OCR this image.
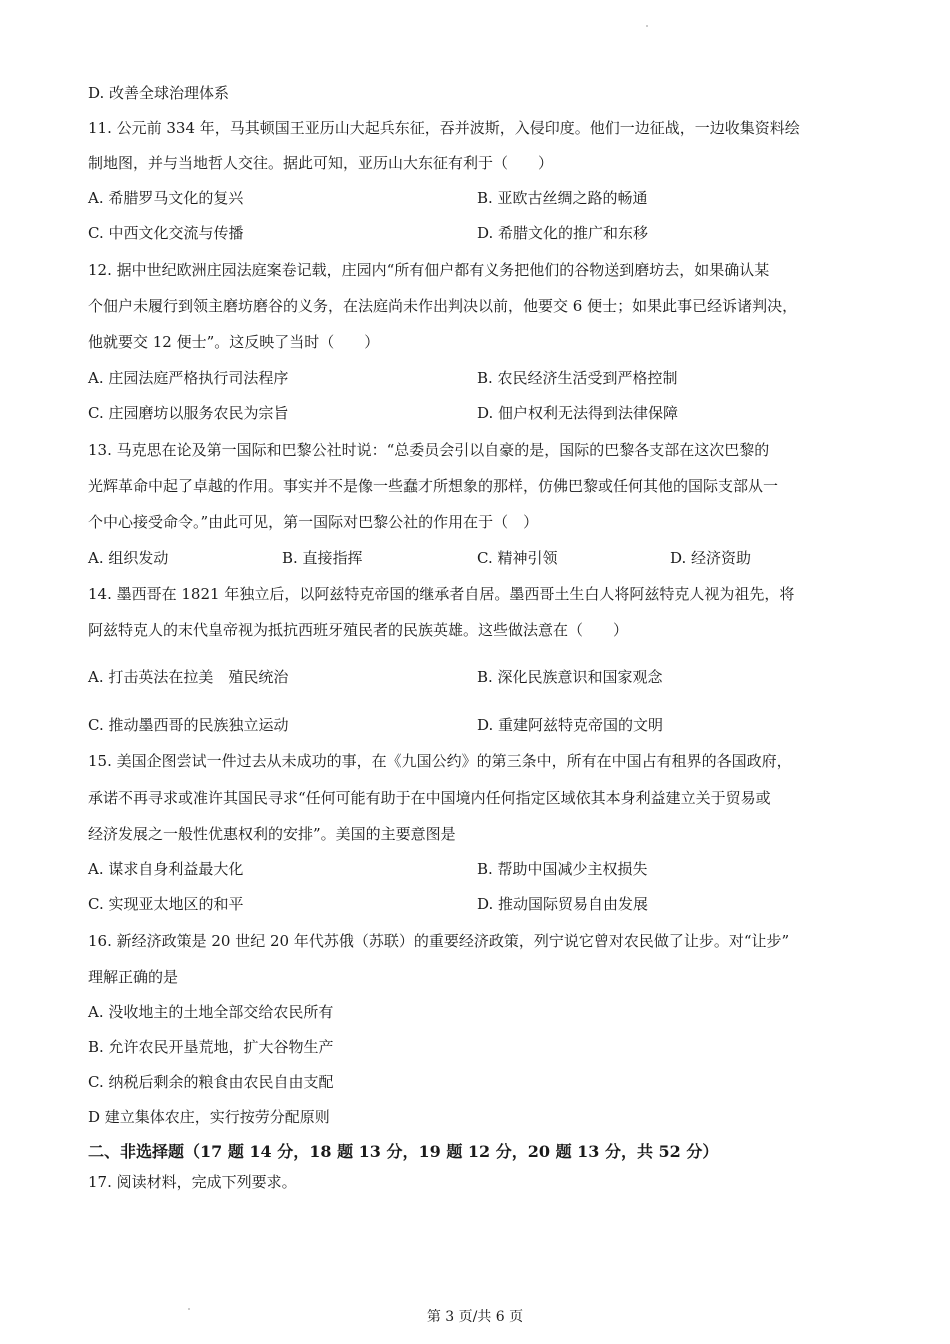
D. 改善全球治理体系
11. 公元前 334 年，马其顿国王亚历山大起兵东征，吞并波斯，入侵印度。他们一边征战，一边收集资料绘
制地图，并与当地哲人交往。据此可知，亚历山大东征有利于（　　）
A. 希腊罗马文化的复兴	B. 亚欧古丝绸之路的畅通
C. 中西文化交流与传播	D. 希腊文化的推广和东移
12. 据中世纪欧洲庄园法庭案卷记载，庄园内“所有佃户都有义务把他们的谷物送到磨坊去，如果确认某
个佃户未履行到领主磨坊磨谷的义务，在法庭尚未作出判决以前，他要交 6 便士；如果此事已经诉诸判决，
他就要交 12 便士”。这反映了当时（　　）
A. 庄园法庭严格执行司法程序	B. 农民经济生活受到严格控制
C. 庄园磨坊以服务农民为宗旨	D. 佃户权利无法得到法律保障
13. 马克思在论及第一国际和巴黎公社时说：“总委员会引以自豪的是，国际的巴黎各支部在这次巴黎的
光辉革命中起了卓越的作用。事实并不是像一些蠢才所想象的那样，仿佛巴黎或任何其他的国际支部从一
个中心接受命令。”由此可见，第一国际对巴黎公社的作用在于（　）
A. 组织发动	B. 直接指挥	C. 精神引领	D. 经济资助
14. 墨西哥在 1821 年独立后，以阿兹特克帝国的继承者自居。墨西哥土生白人将阿兹特克人视为祖先，将
阿兹特克人的末代皇帝视为抵抗西班牙殖民者的民族英雄。这些做法意在（　　）
A. 打击英法在拉美　殖民统治	B. 深化民族意识和国家观念
C. 推动墨西哥的民族独立运动	D. 重建阿兹特克帝国的文明
15. 美国企图尝试一件过去从未成功的事，在《九国公约》的第三条中，所有在中国占有租界的各国政府，
承诺不再寻求或准许其国民寻求“任何可能有助于在中国境内任何指定区域依其本身利益建立关于贸易或
经济发展之一般性优惠权利的安排”。美国的主要意图是
A. 谋求自身利益最大化	B. 帮助中国减少主权损失
C. 实现亚太地区的和平	D. 推动国际贸易自由发展
16. 新经济政策是 20 世纪 20 年代苏俄（苏联）的重要经济政策，列宁说它曾对农民做了让步。对“让步”
理解正确的是
A. 没收地主的土地全部交给农民所有
B. 允许农民开垦荒地，扩大谷物生产
C. 纳税后剩余的粮食由农民自由支配
D 建立集体农庄，实行按劳分配原则
二、非选择题（17 题 14 分，18 题 13 分，19 题 12 分，20 题 13 分，共 52 分）
17. 阅读材料，完成下列要求。
第 3 页/共 6 页
